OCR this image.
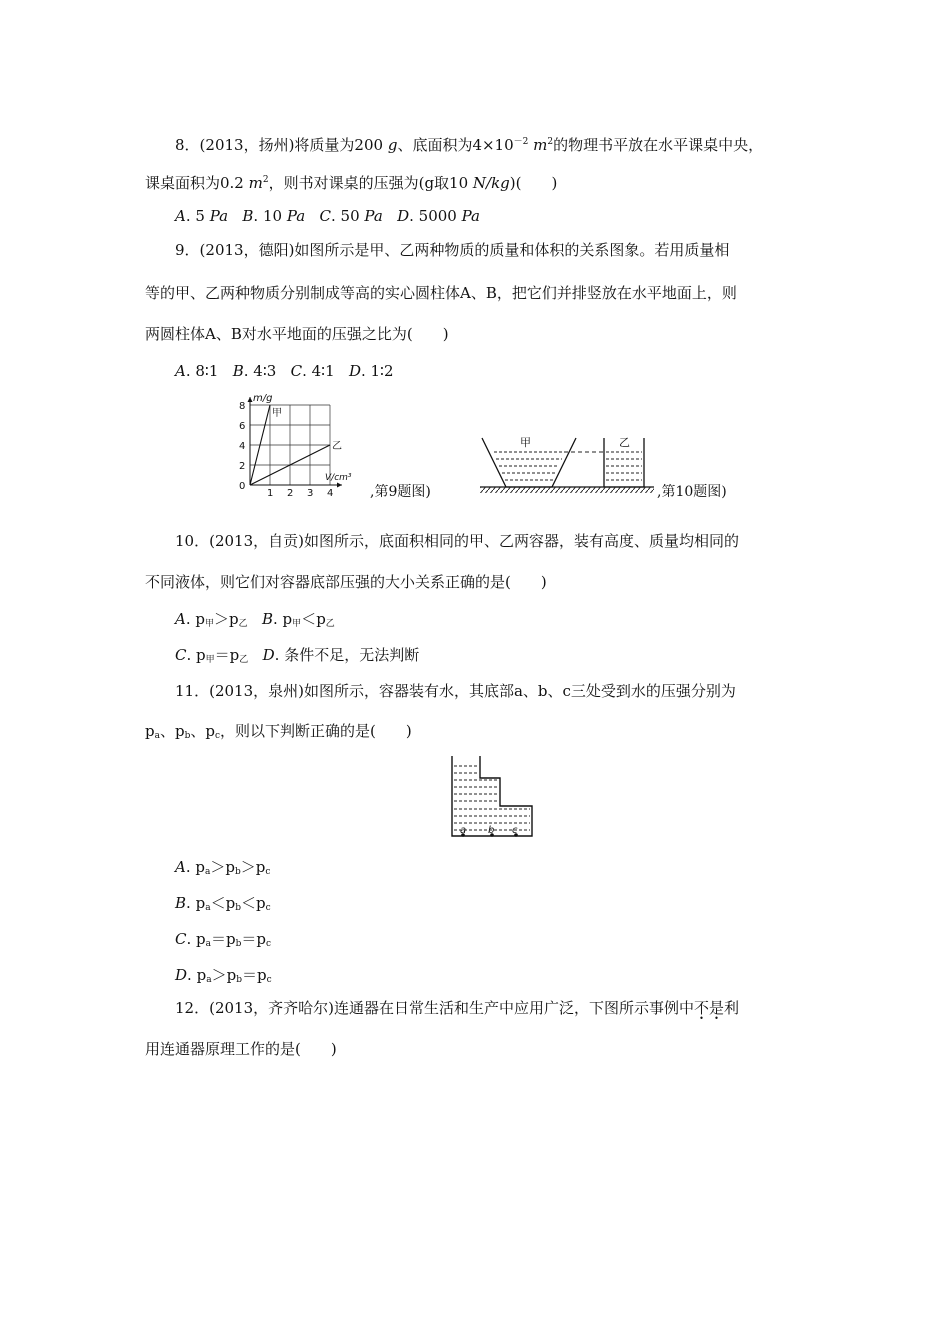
8．(2013，扬州)将质量为200 g、底面积为$4\times 10^{-2}$ $m^2$的物理书平放在水平课桌中央，
课桌面积为0.2 $m^2$，则书对课桌的压强为(g取10 N/kg)(　　)
A. 5 Pa B. 10 Pa C. 50 Pa D. 5000 Pa
9．(2013，德阳)如图所示是甲、乙两种物质的质量和体积的关系图象。若用质量相
等的甲、乙两种物质分别制成等高的实心圆柱体A、B，把它们并排竖放在水平地面上，则
两圆柱体A、B对水平地面的压强之比为(　　)
A. 8∶1 B. 4∶3 C. 4∶1 D. 1∶2
1 2 3 4
2
4
6
8
0
m/g
V/cm³
甲
乙
,第9题图)
甲	乙
,第10题图)
10．(2013，自贡)如图所示，底面积相同的甲、乙两容器，装有高度、质量均相同的
不同液体，则它们对容器底部压强的大小关系正确的是(　　)
A. $p_甲>p_乙$ B. $p_甲<p_乙$
C. $p_甲=p_乙$ D. 条件不足，无法判断
11．(2013，泉州)如图所示，容器装有水，其底部a、b、c三处受到水的压强分别为
$p_a$、$p_b$、$p_c$，则以下判断正确的是(　　)
a b c
A. $p_a>p_b>p_c$
B. $p_a<p_b<p_c$
C. $p_a=p_b=p_c$
D. $p_a>p_b=p_c$
12．(2013，齐齐哈尔)连通器在日常生活和生产中应用广泛，下图所示事例中不是利
用连通器原理工作的是(　　)
